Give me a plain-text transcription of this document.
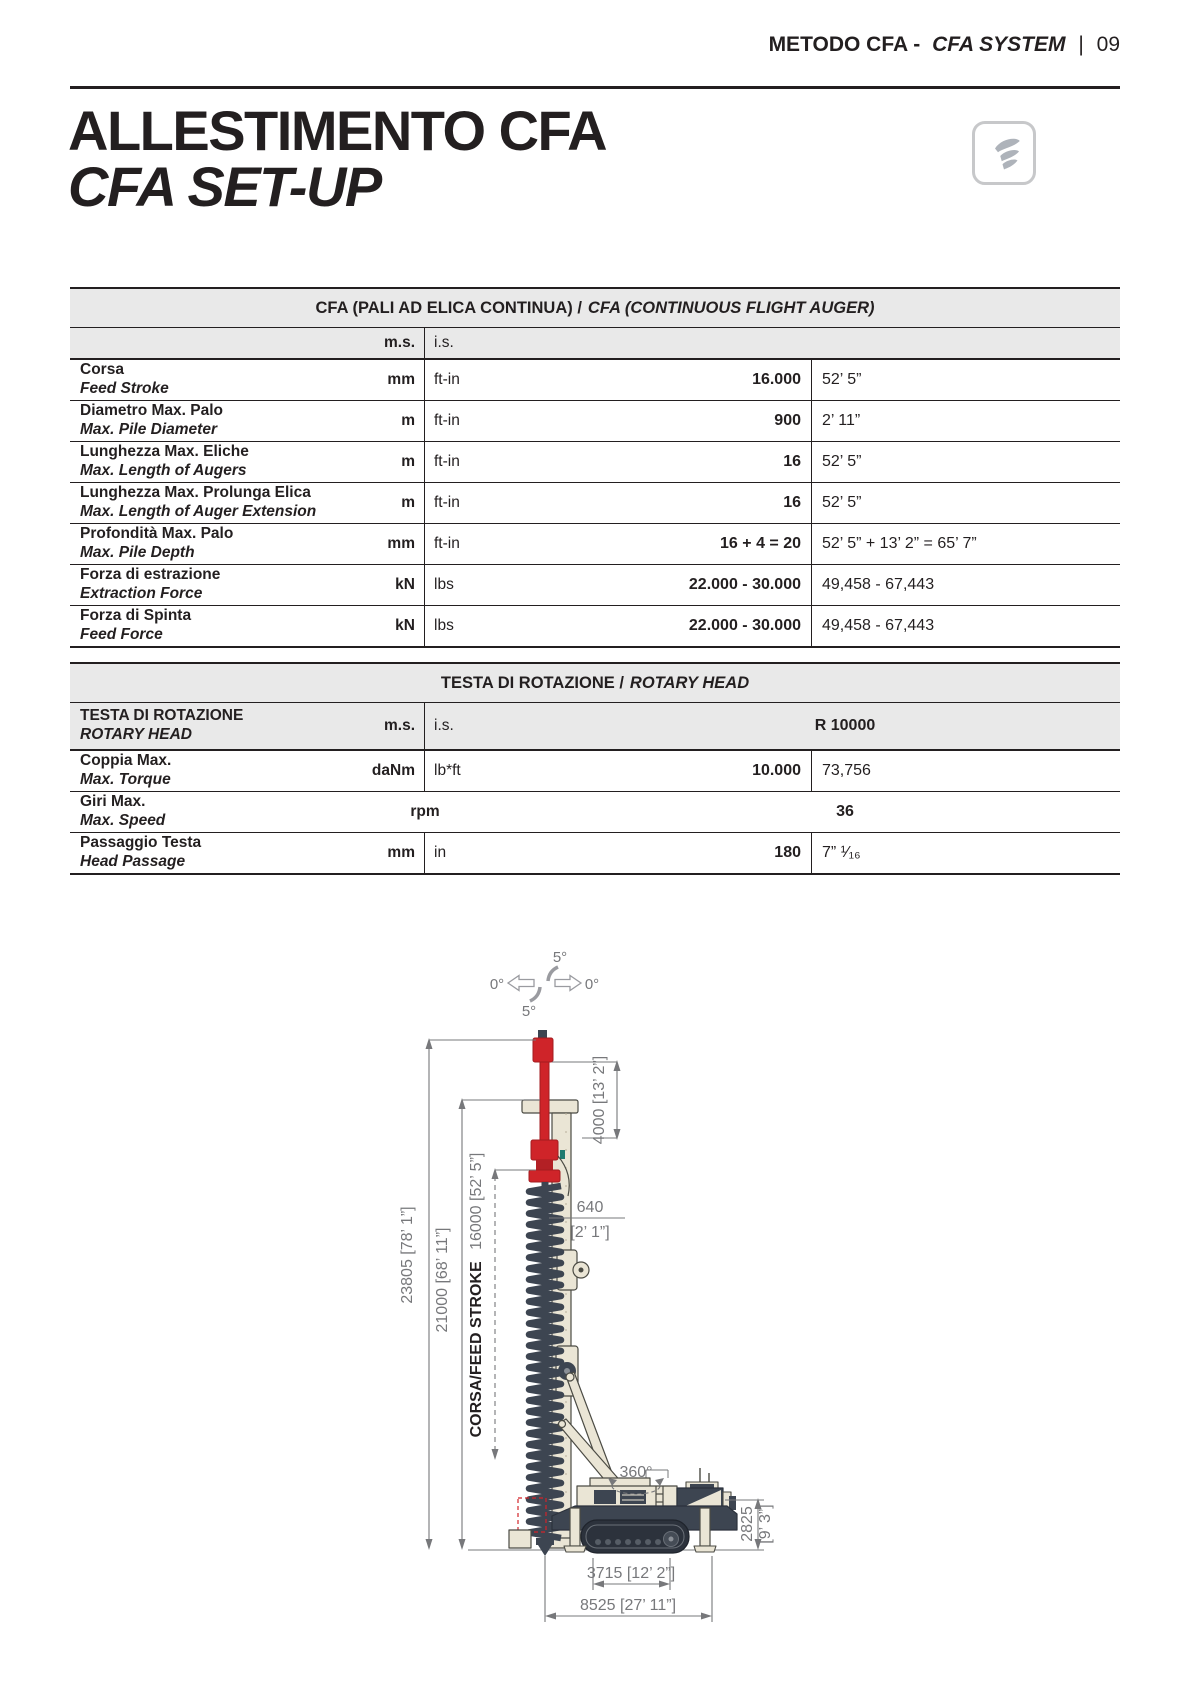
METODO CFA - CFA SYSTEM | 09
ALLESTIMENTO CFA
CFA SET-UP
CFA (PALI AD ELICA CONTINUA) / CFA (CONTINUOUS FLIGHT AUGER)
m.s.	i.s.
Corsa
Feed Stroke
mm	ft-in	16.000	52’ 5”
Diametro Max. Palo
Max. Pile Diameter
m	ft-in	900	2’ 11”
Lunghezza Max. Eliche
Max. Length of Augers
m	ft-in	16	52’ 5”
Lunghezza Max. Prolunga Elica
Max. Length of Auger Extension
m	ft-in	16	52’ 5”
Profondità Max. Palo
Max. Pile Depth
mm	ft-in	16 + 4 = 20	52’ 5” + 13’ 2” = 65’ 7”
Forza di estrazione
Extraction Force
kN	lbs	22.000 - 30.000	49,458 - 67,443
Forza di Spinta
Feed Force
kN	lbs	22.000 - 30.000	49,458 - 67,443
TESTA DI ROTAZIONE / ROTARY HEAD
TESTA DI ROTAZIONE
ROTARY HEAD
m.s.	i.s.	R 10000
Coppia Max.
Max. Torque
daNm	lb*ft	10.000	73,756
Giri Max.
Max. Speed
rpm	36
Passaggio Testa
Head Passage
mm	in	180	7” ¹⁄₁₆
5°
0°	0°
5°
23805 [78’ 1”] 21000 [68’ 11”] CORSA/FEED STROKE 16000 [52’ 5”]
4000 [13’ 2”]
640
[2’ 1”]
360°
2825 [9’ 3”]
3715 [12’ 2”]
8525 [27’ 11”]
